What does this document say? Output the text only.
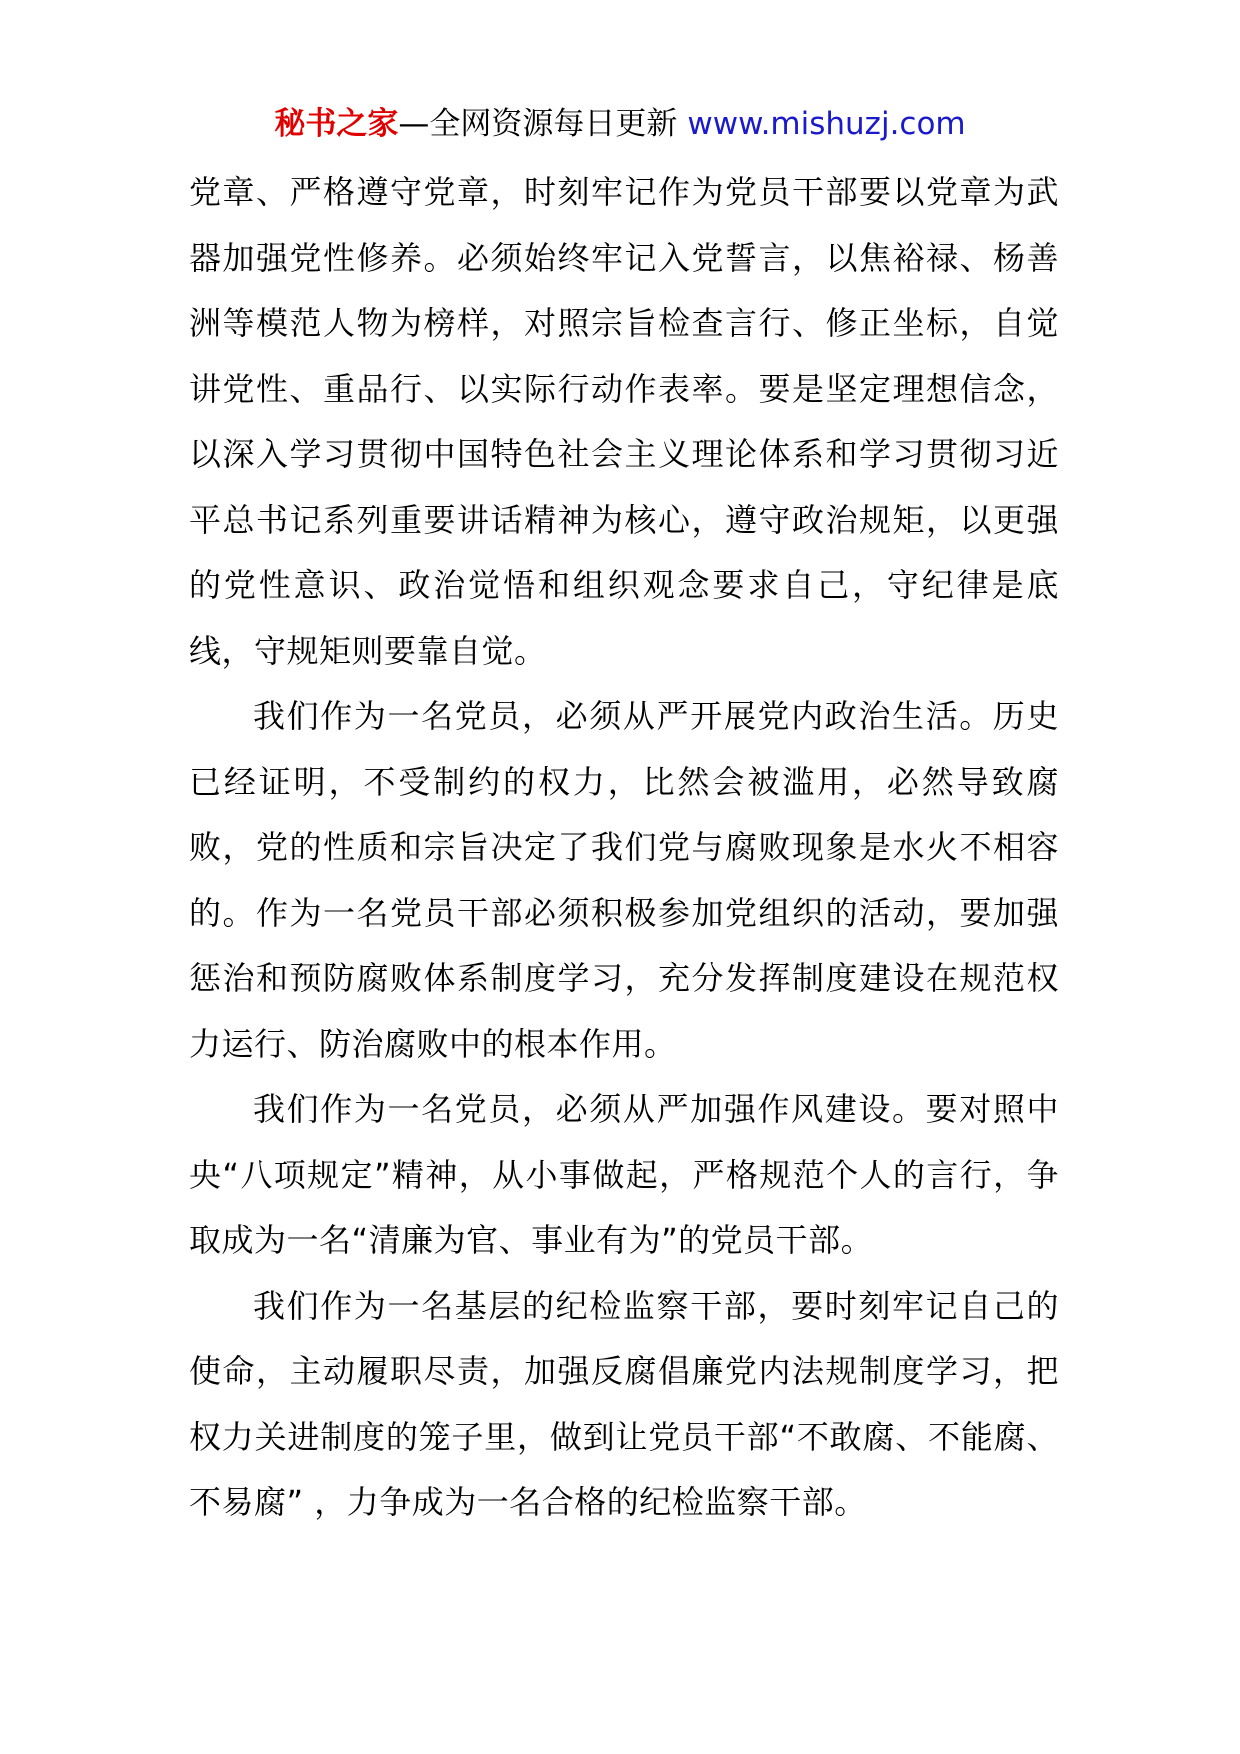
秘书之家—全网资源每日更新 www.mishuzj.com

党章、严格遵守党章，时刻牢记作为党员干部要以党章为武器加强党性修养。必须始终牢记入党誓言，以焦裕禄、杨善洲等模范人物为榜样，对照宗旨检查言行、修正坐标，自觉讲党性、重品行、以实际行动作表率。要是坚定理想信念，以深入学习贯彻中国特色社会主义理论体系和学习贯彻习近平总书记系列重要讲话精神为核心，遵守政治规矩，以更强的党性意识、政治觉悟和组织观念要求自己，守纪律是底线，守规矩则要靠自觉。

我们作为一名党员，必须从严开展党内政治生活。历史已经证明，不受制约的权力，比然会被滥用，必然导致腐败，党的性质和宗旨决定了我们党与腐败现象是水火不相容的。作为一名党员干部必须积极参加党组织的活动，要加强惩治和预防腐败体系制度学习，充分发挥制度建设在规范权力运行、防治腐败中的根本作用。

我们作为一名党员，必须从严加强作风建设。要对照中央“八项规定”精神，从小事做起，严格规范个人的言行，争取成为一名“清廉为官、事业有为”的党员干部。

我们作为一名基层的纪检监察干部，要时刻牢记自己的使命，主动履职尽责，加强反腐倡廉党内法规制度学习，把权力关进制度的笼子里，做到让党员干部“不敢腐、不能腐、不易腐” ，力争成为一名合格的纪检监察干部。
